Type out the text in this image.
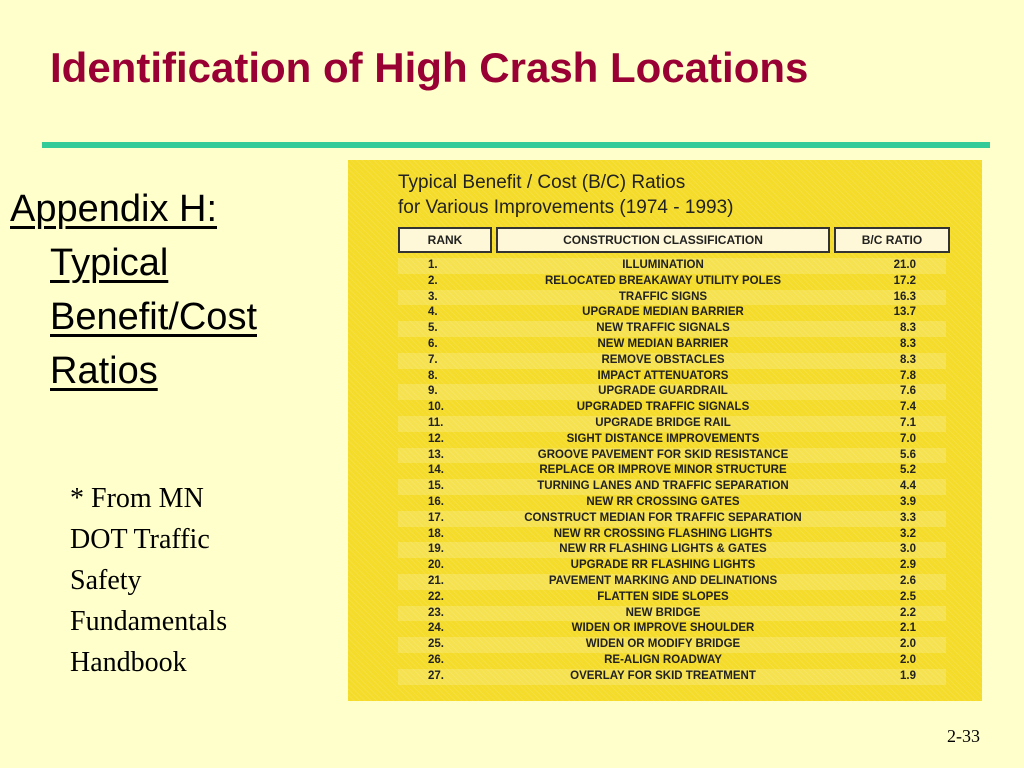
Identification of High Crash Locations
Appendix H:
Typical
Benefit/Cost
Ratios
* From MN
DOT Traffic
Safety
Fundamentals
Handbook
Typical Benefit / Cost (B/C) Ratios
for Various Improvements (1974 - 1993)
RANK	CONSTRUCTION CLASSIFICATION	B/C RATIO
1.	ILLUMINATION	21.0
2.	RELOCATED BREAKAWAY UTILITY POLES	17.2
3.	TRAFFIC SIGNS	16.3
4.	UPGRADE MEDIAN BARRIER	13.7
5.	NEW TRAFFIC SIGNALS	8.3
6.	NEW MEDIAN BARRIER	8.3
7.	REMOVE OBSTACLES	8.3
8.	IMPACT ATTENUATORS	7.8
9.	UPGRADE GUARDRAIL	7.6
10.	UPGRADED TRAFFIC SIGNALS	7.4
11.	UPGRADE BRIDGE RAIL	7.1
12.	SIGHT DISTANCE IMPROVEMENTS	7.0
13.	GROOVE PAVEMENT FOR SKID RESISTANCE	5.6
14.	REPLACE OR IMPROVE MINOR STRUCTURE	5.2
15.	TURNING LANES AND TRAFFIC SEPARATION	4.4
16.	NEW RR CROSSING GATES	3.9
17.	CONSTRUCT MEDIAN FOR TRAFFIC SEPARATION	3.3
18.	NEW RR CROSSING FLASHING LIGHTS	3.2
19.	NEW RR FLASHING LIGHTS & GATES	3.0
20.	UPGRADE RR FLASHING LIGHTS	2.9
21.	PAVEMENT MARKING AND DELINATIONS	2.6
22.	FLATTEN SIDE SLOPES	2.5
23.	NEW BRIDGE	2.2
24.	WIDEN OR IMPROVE SHOULDER	2.1
25.	WIDEN OR MODIFY BRIDGE	2.0
26.	RE-ALIGN ROADWAY	2.0
27.	OVERLAY FOR SKID TREATMENT	1.9
2-33
